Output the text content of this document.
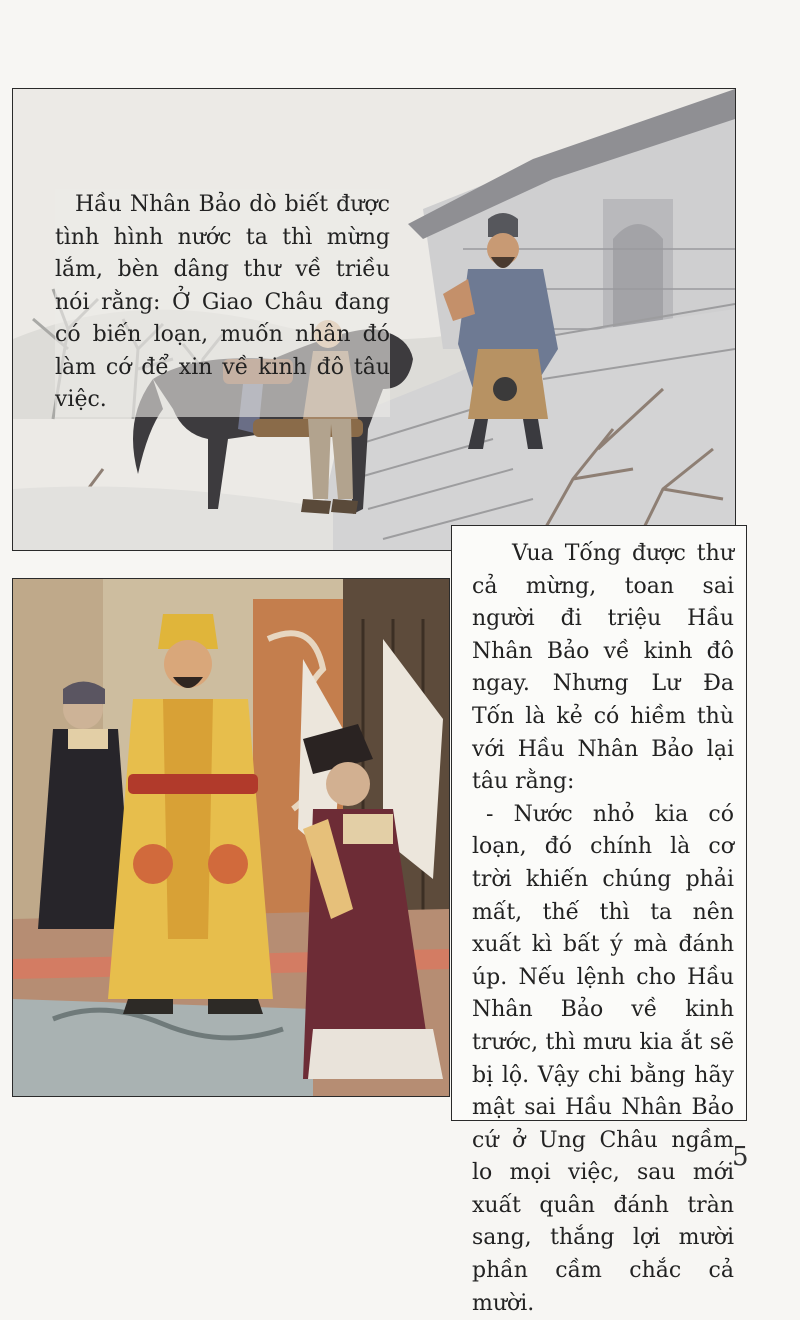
Hầu Nhân Bảo dò biết được tình hình nước ta thì mừng lắm, bèn dâng thư về triều nói rằng: Ở Giao Châu đang có biến loạn, muốn nhân đó làm cớ để xin về kinh đô tâu việc.

Vua Tống được thư cả mừng, toan sai người đi triệu Hầu Nhân Bảo về kinh đô ngay. Nhưng Lư Đa Tốn là kẻ có hiềm thù với Hầu Nhân Bảo lại tâu rằng:

- Nước nhỏ kia có loạn, đó chính là cơ trời khiến chúng phải mất, thế thì ta nên xuất kì bất ý mà đánh úp. Nếu lệnh cho Hầu Nhân Bảo về kinh trước, thì mưu kia ắt sẽ bị lộ. Vậy chi bằng hãy mật sai Hầu Nhân Bảo cứ ở Ung Châu ngầm lo mọi việc, sau mới xuất quân đánh tràn sang, thắng lợi mười phần cầm chắc cả mười.

5
